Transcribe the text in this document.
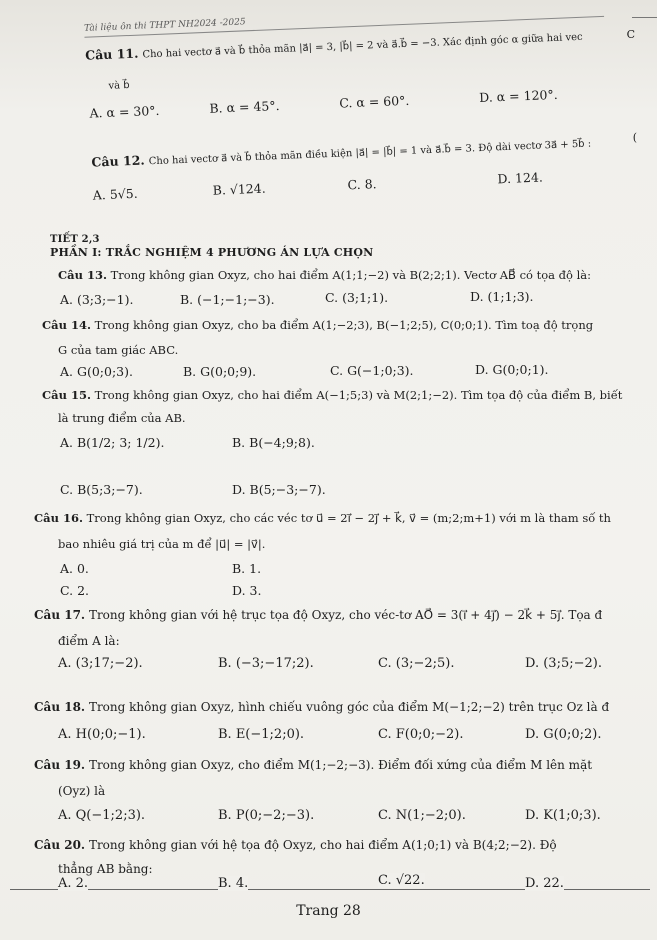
C
(
Tài liệu ôn thi THPT NH2024 -2025
Câu 11. Cho hai vectơ a⃗ và b⃗ thỏa mãn |a⃗| = 3, |b⃗| = 2 và a⃗.b⃗ = −3. Xác định góc α giữa hai vec
và b⃗
A. α = 30°.	B. α = 45°.	C. α = 60°.	D. α = 120°.
Câu 12. Cho hai vectơ a⃗ và b⃗ thỏa mãn điều kiện |a⃗| = |b⃗| = 1 và a⃗.b⃗ = 3. Độ dài vectơ 3a⃗ + 5b⃗ :
A. 5√5.	B. √124.	C. 8.	D. 124.
TIẾT 2,3
PHẦN I: TRẮC NGHIỆM 4 PHƯƠNG ÁN LỰA CHỌN
Câu 13. Trong không gian Oxyz, cho hai điểm A(1;1;−2) và B(2;2;1). Vectơ AB⃗ có tọa độ là:
A. (3;3;−1).	B. (−1;−1;−3).	C. (3;1;1).	D. (1;1;3).
Câu 14. Trong không gian Oxyz, cho ba điểm A(1;−2;3), B(−1;2;5), C(0;0;1). Tìm toạ độ trọng
G của tam giác ABC.
A. G(0;0;3).	B. G(0;0;9).	C. G(−1;0;3).	D. G(0;0;1).
Câu 15. Trong không gian Oxyz, cho hai điểm A(−1;5;3) và M(2;1;−2). Tìm tọa độ của điểm B, biết
là trung điểm của AB.
A. B(1/2; 3; 1/2).	B. B(−4;9;8).
C. B(5;3;−7).	D. B(5;−3;−7).
Câu 16. Trong không gian Oxyz, cho các véc tơ u⃗ = 2i⃗ − 2j⃗ + k⃗, v⃗ = (m;2;m+1) với m là tham số th
bao nhiêu giá trị của m để |u⃗| = |v⃗|.
A. 0.	B. 1.
C. 2.	D. 3.
Câu 17. Trong không gian với hệ trục tọa độ Oxyz, cho véc-tơ AO⃗ = 3(i⃗ + 4j⃗) − 2k⃗ + 5j⃗. Tọa đ
điểm A là:
A. (3;17;−2).	B. (−3;−17;2).	C. (3;−2;5).	D. (3;5;−2).
Câu 18. Trong không gian Oxyz, hình chiếu vuông góc của điểm M(−1;2;−2) trên trục Oz là đ
A. H(0;0;−1).	B. E(−1;2;0).	C. F(0;0;−2).	D. G(0;0;2).
Câu 19. Trong không gian Oxyz, cho điểm M(1;−2;−3). Điểm đối xứng của điểm M lên mặt
(Oyz) là
A. Q(−1;2;3).	B. P(0;−2;−3).	C. N(1;−2;0).	D. K(1;0;3).
Câu 20. Trong không gian với hệ tọa độ Oxyz, cho hai điểm A(1;0;1) và B(4;2;−2). Độ
thẳng AB bằng:
A. 2.	B. 4.	C. √22.	D. 22.
Trang 28
